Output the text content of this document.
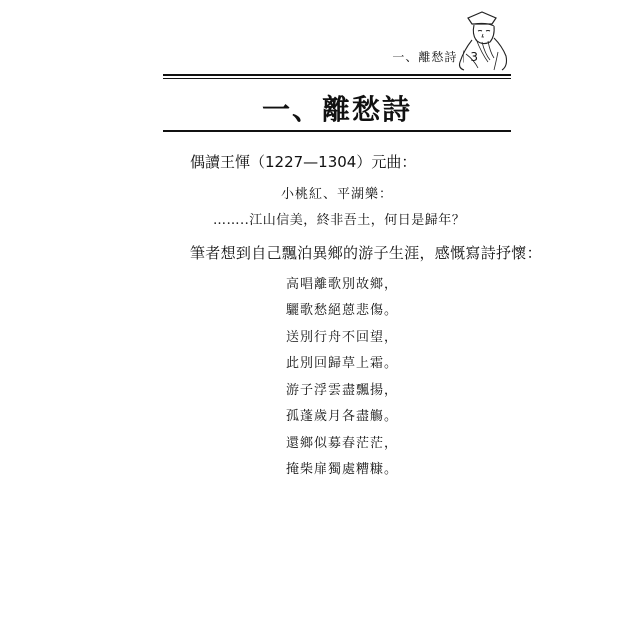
一、離愁詩｜3
一、離愁詩
偶讀王惲（1227—1304）元曲：
小桃紅、平湖樂：
……..江山信美，終非吾土，何日是歸年？
筆者想到自己飄泊異鄉的游子生涯，感慨寫詩抒懷：
高唱離歌別故鄉，
驪歌愁絕蒽悲傷。
送別行舟不回望，
此別回歸草上霜。
游子浮雲盡飄揚，
孤蓬歲月各盡觴。
還鄉似募春茫茫，
掩柴扉獨處糟糠。
